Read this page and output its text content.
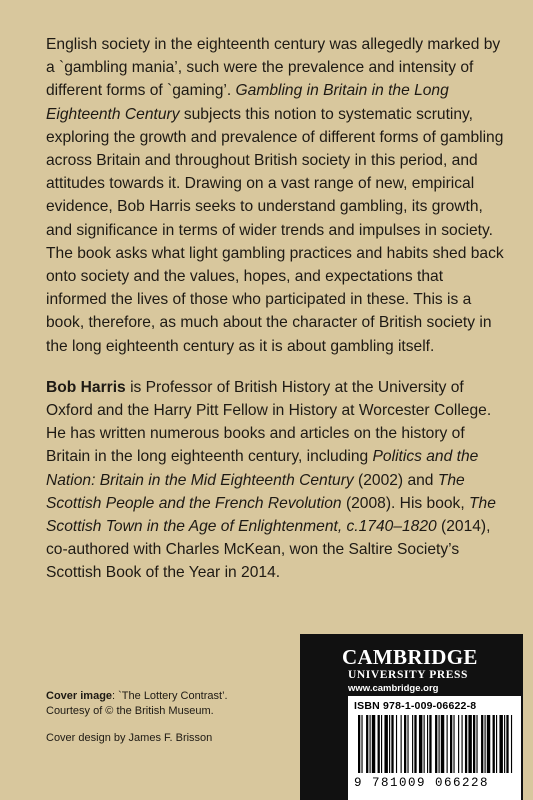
English society in the eighteenth century was allegedly marked by a `gambling mania’, such were the prevalence and intensity of different forms of `gaming’. Gambling in Britain in the Long Eighteenth Century subjects this notion to systematic scrutiny, exploring the growth and prevalence of different forms of gambling across Britain and throughout British society in this period, and attitudes towards it. Drawing on a vast range of new, empirical evidence, Bob Harris seeks to understand gambling, its growth, and significance in terms of wider trends and impulses in society. The book asks what light gambling practices and habits shed back onto society and the values, hopes, and expectations that informed the lives of those who participated in these. This is a book, therefore, as much about the character of British society in the long eighteenth century as it is about gambling itself.

Bob Harris is Professor of British History at the University of Oxford and the Harry Pitt Fellow in History at Worcester College. He has written numerous books and articles on the history of Britain in the long eighteenth century, including Politics and the Nation: Britain in the Mid Eighteenth Century (2002) and The Scottish People and the French Revolution (2008). His book, The Scottish Town in the Age of Enlightenment, c.1740–1820 (2014), co-authored with Charles McKean, won the Saltire Society’s Scottish Book of the Year in 2014.

Cover image: `The Lottery Contrast’.

Courtesy of © the British Museum.

Cover design by James F. Brisson

CAMBRIDGE
UNIVERSITY PRESS
www.cambridge.org
ISBN 978-1-009-06622-8
9 781009 066228
